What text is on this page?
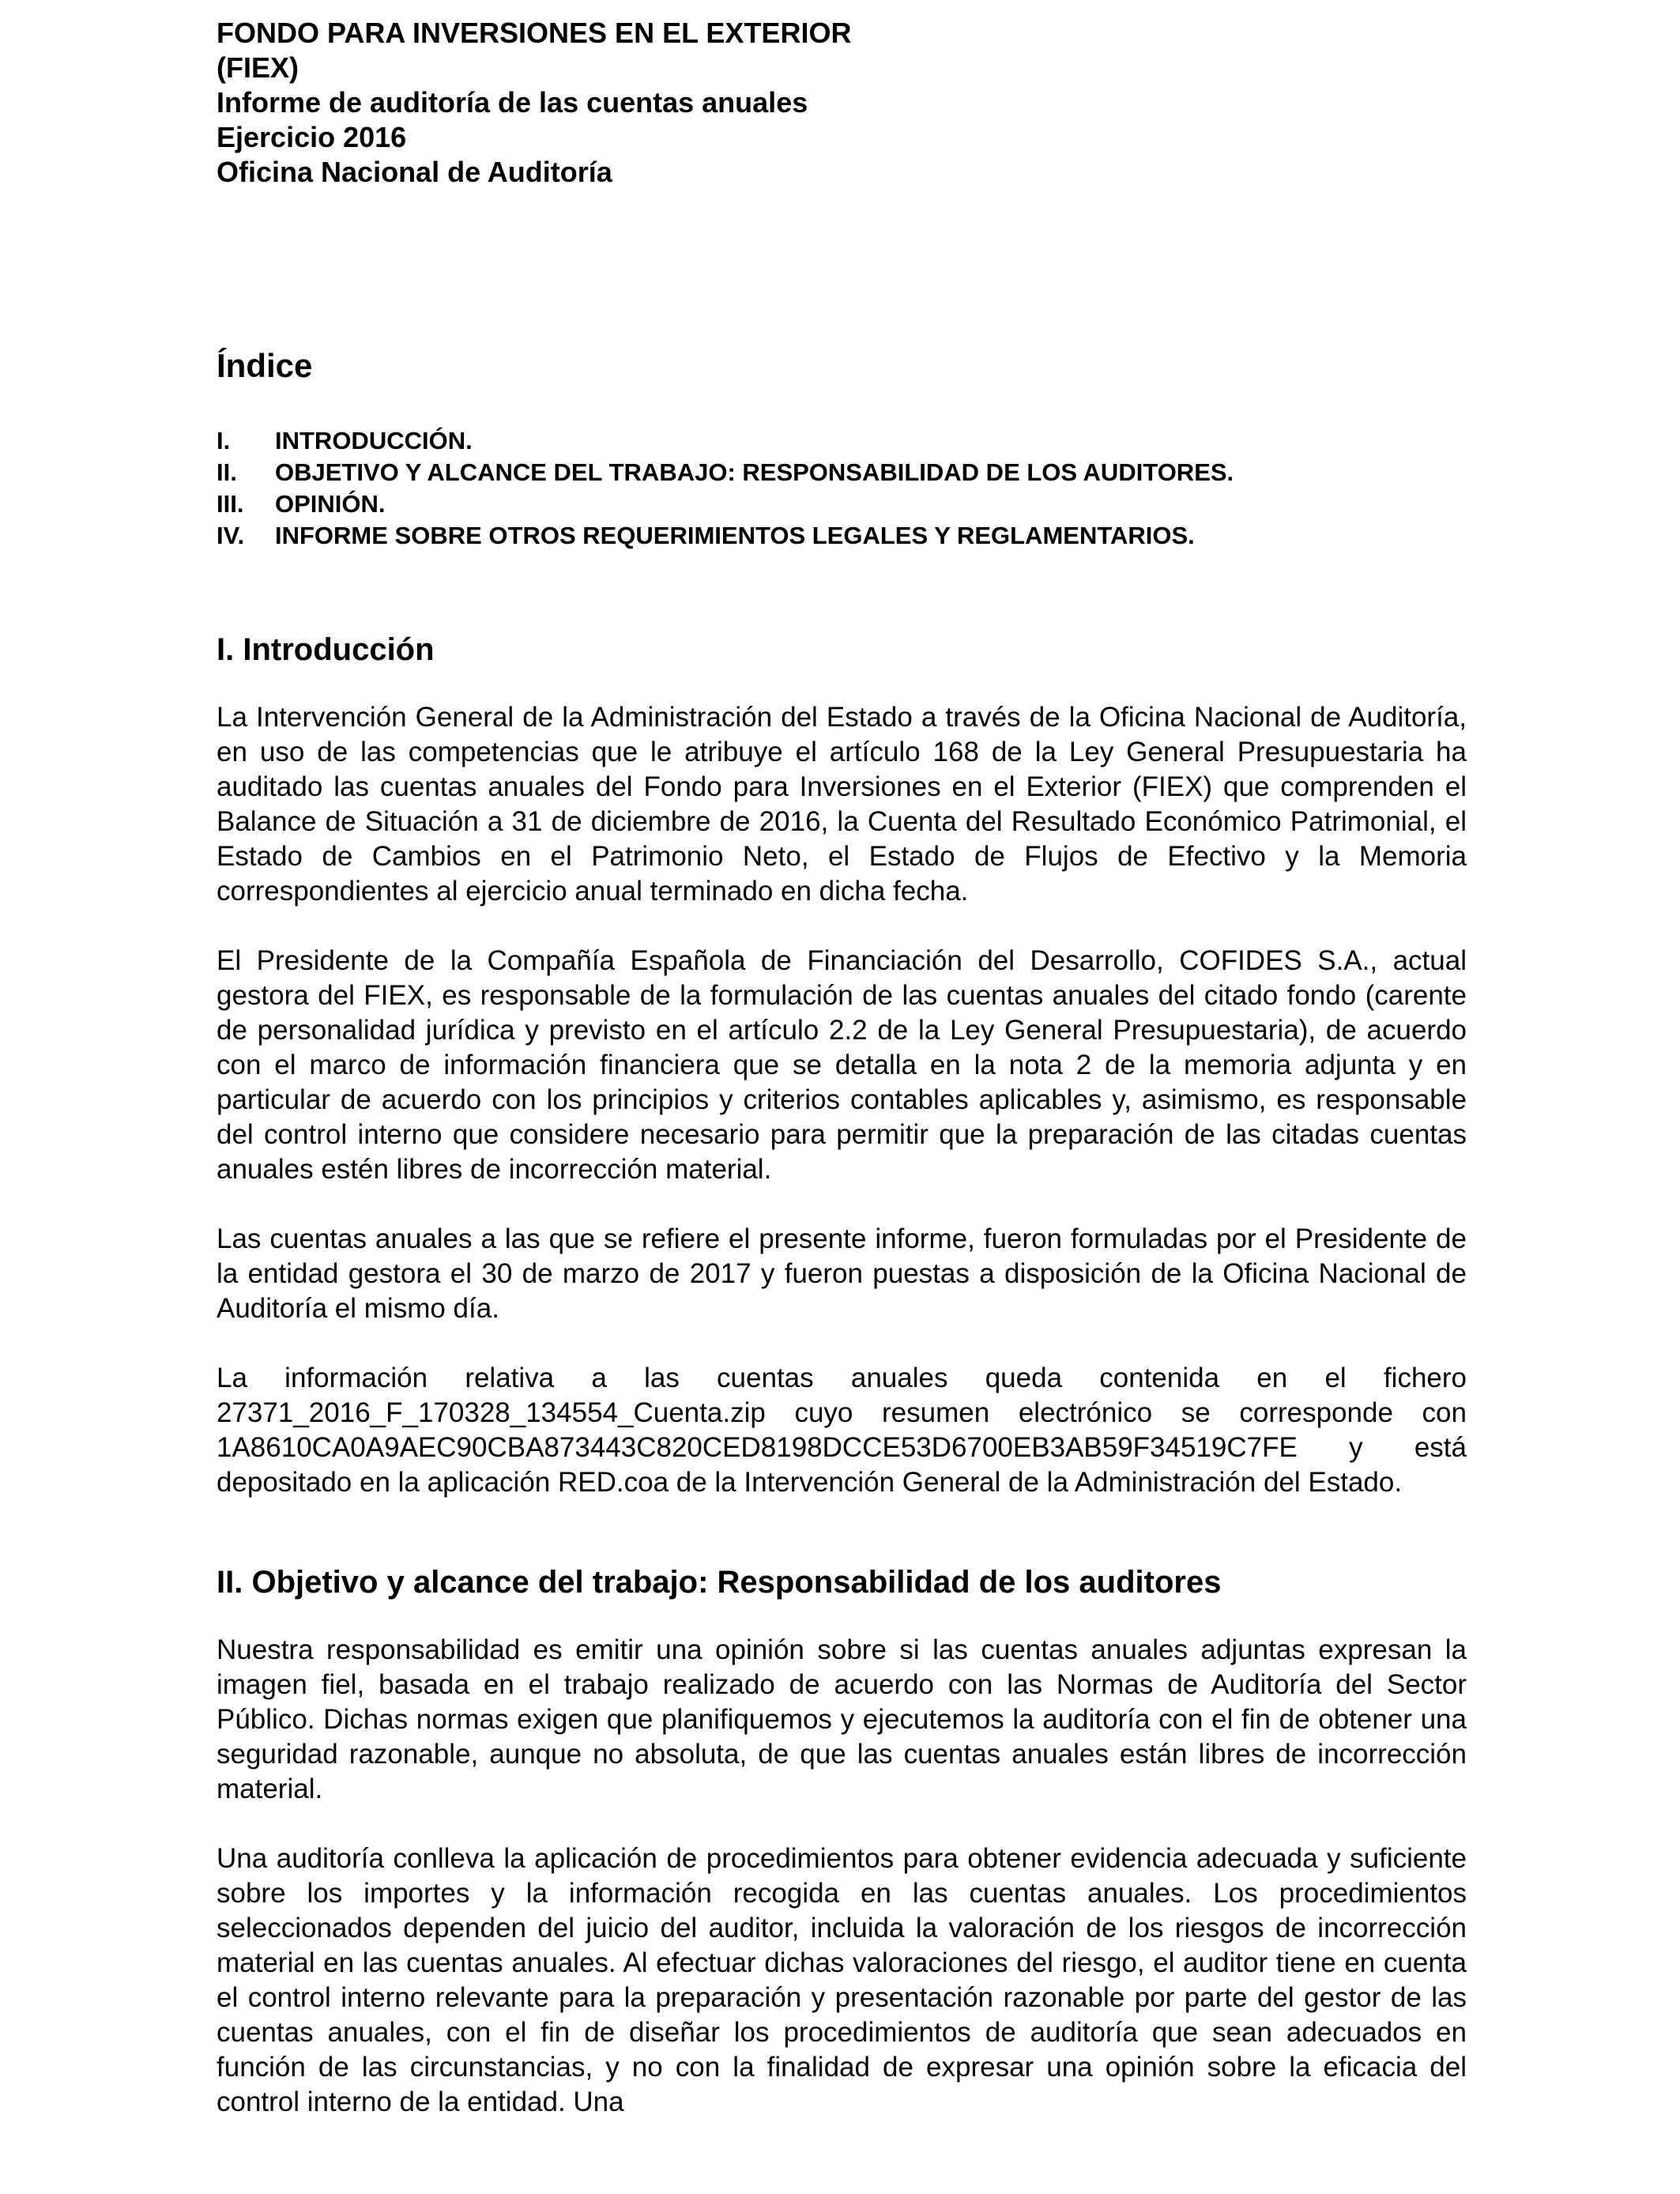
FONDO PARA INVERSIONES EN EL EXTERIOR
(FIEX)
Informe de auditoría de las cuentas anuales
Ejercicio 2016
Oficina Nacional de Auditoría
Índice
I.	INTRODUCCIÓN.
II.	OBJETIVO Y ALCANCE DEL TRABAJO: RESPONSABILIDAD DE LOS AUDITORES.
III.	OPINIÓN.
IV.	INFORME SOBRE OTROS REQUERIMIENTOS LEGALES Y REGLAMENTARIOS.
I. Introducción

La Intervención General de la Administración del Estado a través de la Oficina Nacional de Auditoría, en uso de las competencias que le atribuye el artículo 168 de la Ley General Presupuestaria ha auditado las cuentas anuales del Fondo para Inversiones en el Exterior (FIEX) que comprenden el Balance de Situación a 31 de diciembre de 2016, la Cuenta del Resultado Económico Patrimonial, el Estado de Cambios en el Patrimonio Neto, el Estado de Flujos de Efectivo y la Memoria correspondientes al ejercicio anual terminado en dicha fecha.

El Presidente de la Compañía Española de Financiación del Desarrollo, COFIDES S.A., actual gestora del FIEX, es responsable de la formulación de las cuentas anuales del citado fondo (carente de personalidad jurídica y previsto en el artículo 2.2 de la Ley General Presupuestaria), de acuerdo con el marco de información financiera que se detalla en la nota 2 de la memoria adjunta y en particular de acuerdo con los principios y criterios contables aplicables y, asimismo, es responsable del control interno que considere necesario para permitir que la preparación de las citadas cuentas anuales estén libres de incorrección material.

Las cuentas anuales a las que se refiere el presente informe, fueron formuladas por el Presidente de la entidad gestora el 30 de marzo de 2017 y fueron puestas a disposición de la Oficina Nacional de Auditoría el mismo día.

La información relativa a las cuentas anuales queda contenida en el fichero 27371_2016_F_170328_134554_Cuenta.zip cuyo resumen electrónico se corresponde con 1A8610CA0A9AEC90CBA873443C820CED8198DCCE53D6700EB3AB59F34519C7FE y está depositado en la aplicación RED.coa de la Intervención General de la Administración del Estado.

II. Objetivo y alcance del trabajo: Responsabilidad de los auditores

Nuestra responsabilidad es emitir una opinión sobre si las cuentas anuales adjuntas expresan la imagen fiel, basada en el trabajo realizado de acuerdo con las Normas de Auditoría del Sector Público. Dichas normas exigen que planifiquemos y ejecutemos la auditoría con el fin de obtener una seguridad razonable, aunque no absoluta, de que las cuentas anuales están libres de incorrección material.

Una auditoría conlleva la aplicación de procedimientos para obtener evidencia adecuada y suficiente sobre los importes y la información recogida en las cuentas anuales. Los procedimientos seleccionados dependen del juicio del auditor, incluida la valoración de los riesgos de incorrección material en las cuentas anuales. Al efectuar dichas valoraciones del riesgo, el auditor tiene en cuenta el control interno relevante para la preparación y presentación razonable por parte del gestor de las cuentas anuales, con el fin de diseñar los procedimientos de auditoría que sean adecuados en función de las circunstancias, y no con la finalidad de expresar una opinión sobre la eficacia del control interno de la entidad. Una
